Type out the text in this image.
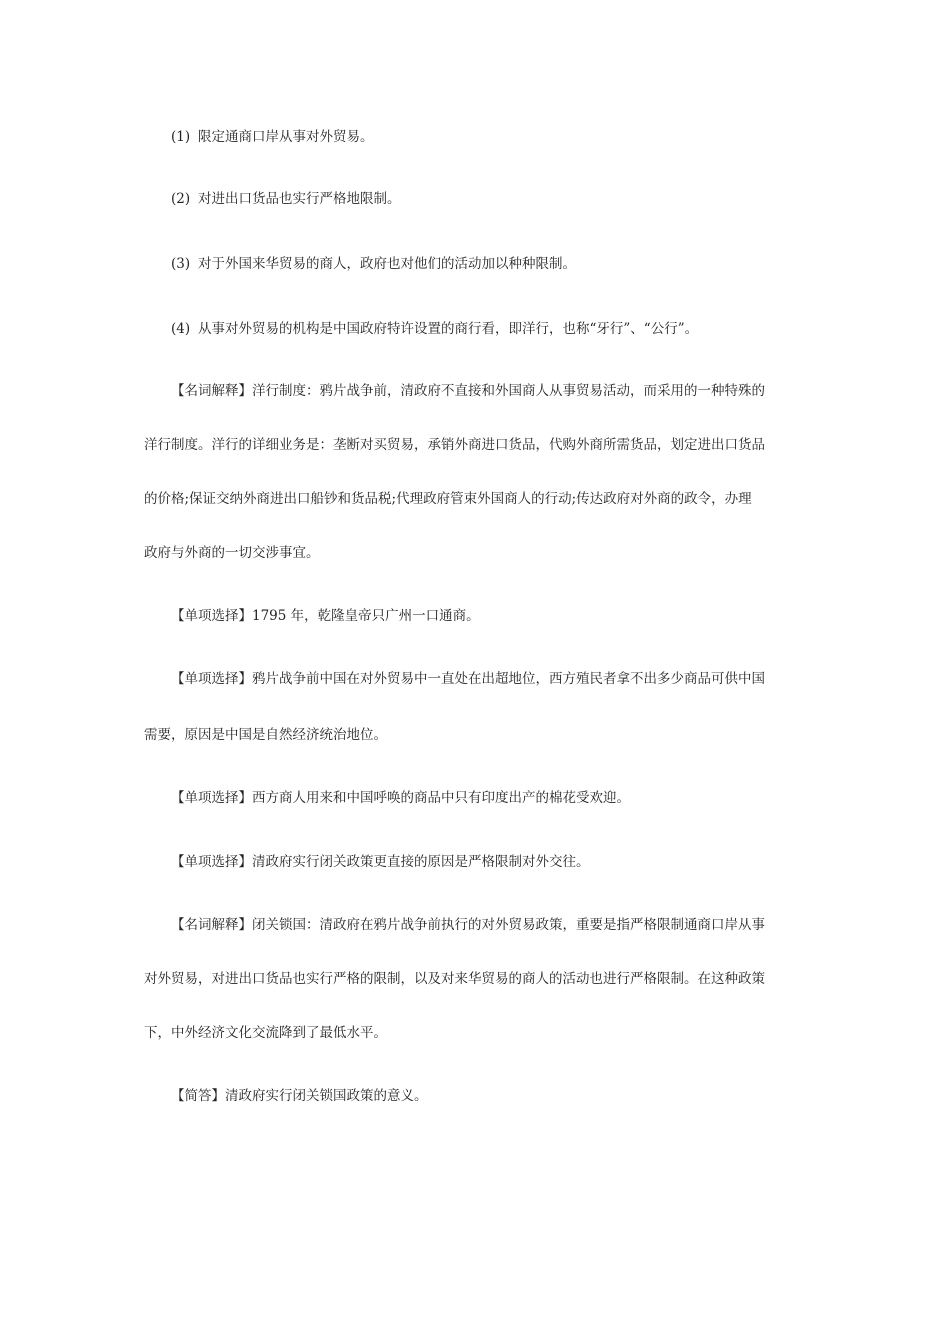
(1) 限定通商口岸从事对外贸易。
(2) 对进出口货品也实行严格地限制。
(3) 对于外国来华贸易的商人，政府也对他们的活动加以种种限制。
(4) 从事对外贸易的机构是中国政府特许设置的商行看，即洋行，也称“牙行”、“公行”。
【名词解释】洋行制度：鸦片战争前，清政府不直接和外国商人从事贸易活动，而采用的一种特殊的
洋行制度。洋行的详细业务是：垄断对买贸易，承销外商进口货品，代购外商所需货品，划定进出口货品
的价格;保证交纳外商进出口船钞和货品税;代理政府管束外国商人的行动;传达政府对外商的政令，办理
政府与外商的一切交涉事宜。
【单项选择】1795 年，乾隆皇帝只广州一口通商。
【单项选择】鸦片战争前中国在对外贸易中一直处在出超地位，西方殖民者拿不出多少商品可供中国
需要，原因是中国是自然经济统治地位。
【单项选择】西方商人用来和中国呼唤的商品中只有印度出产的棉花受欢迎。
【单项选择】清政府实行闭关政策更直接的原因是严格限制对外交往。
【名词解释】闭关锁国：清政府在鸦片战争前执行的对外贸易政策，重要是指严格限制通商口岸从事
对外贸易，对进出口货品也实行严格的限制，以及对来华贸易的商人的活动也进行严格限制。在这种政策
下，中外经济文化交流降到了最低水平。
【简答】清政府实行闭关锁国政策的意义。
